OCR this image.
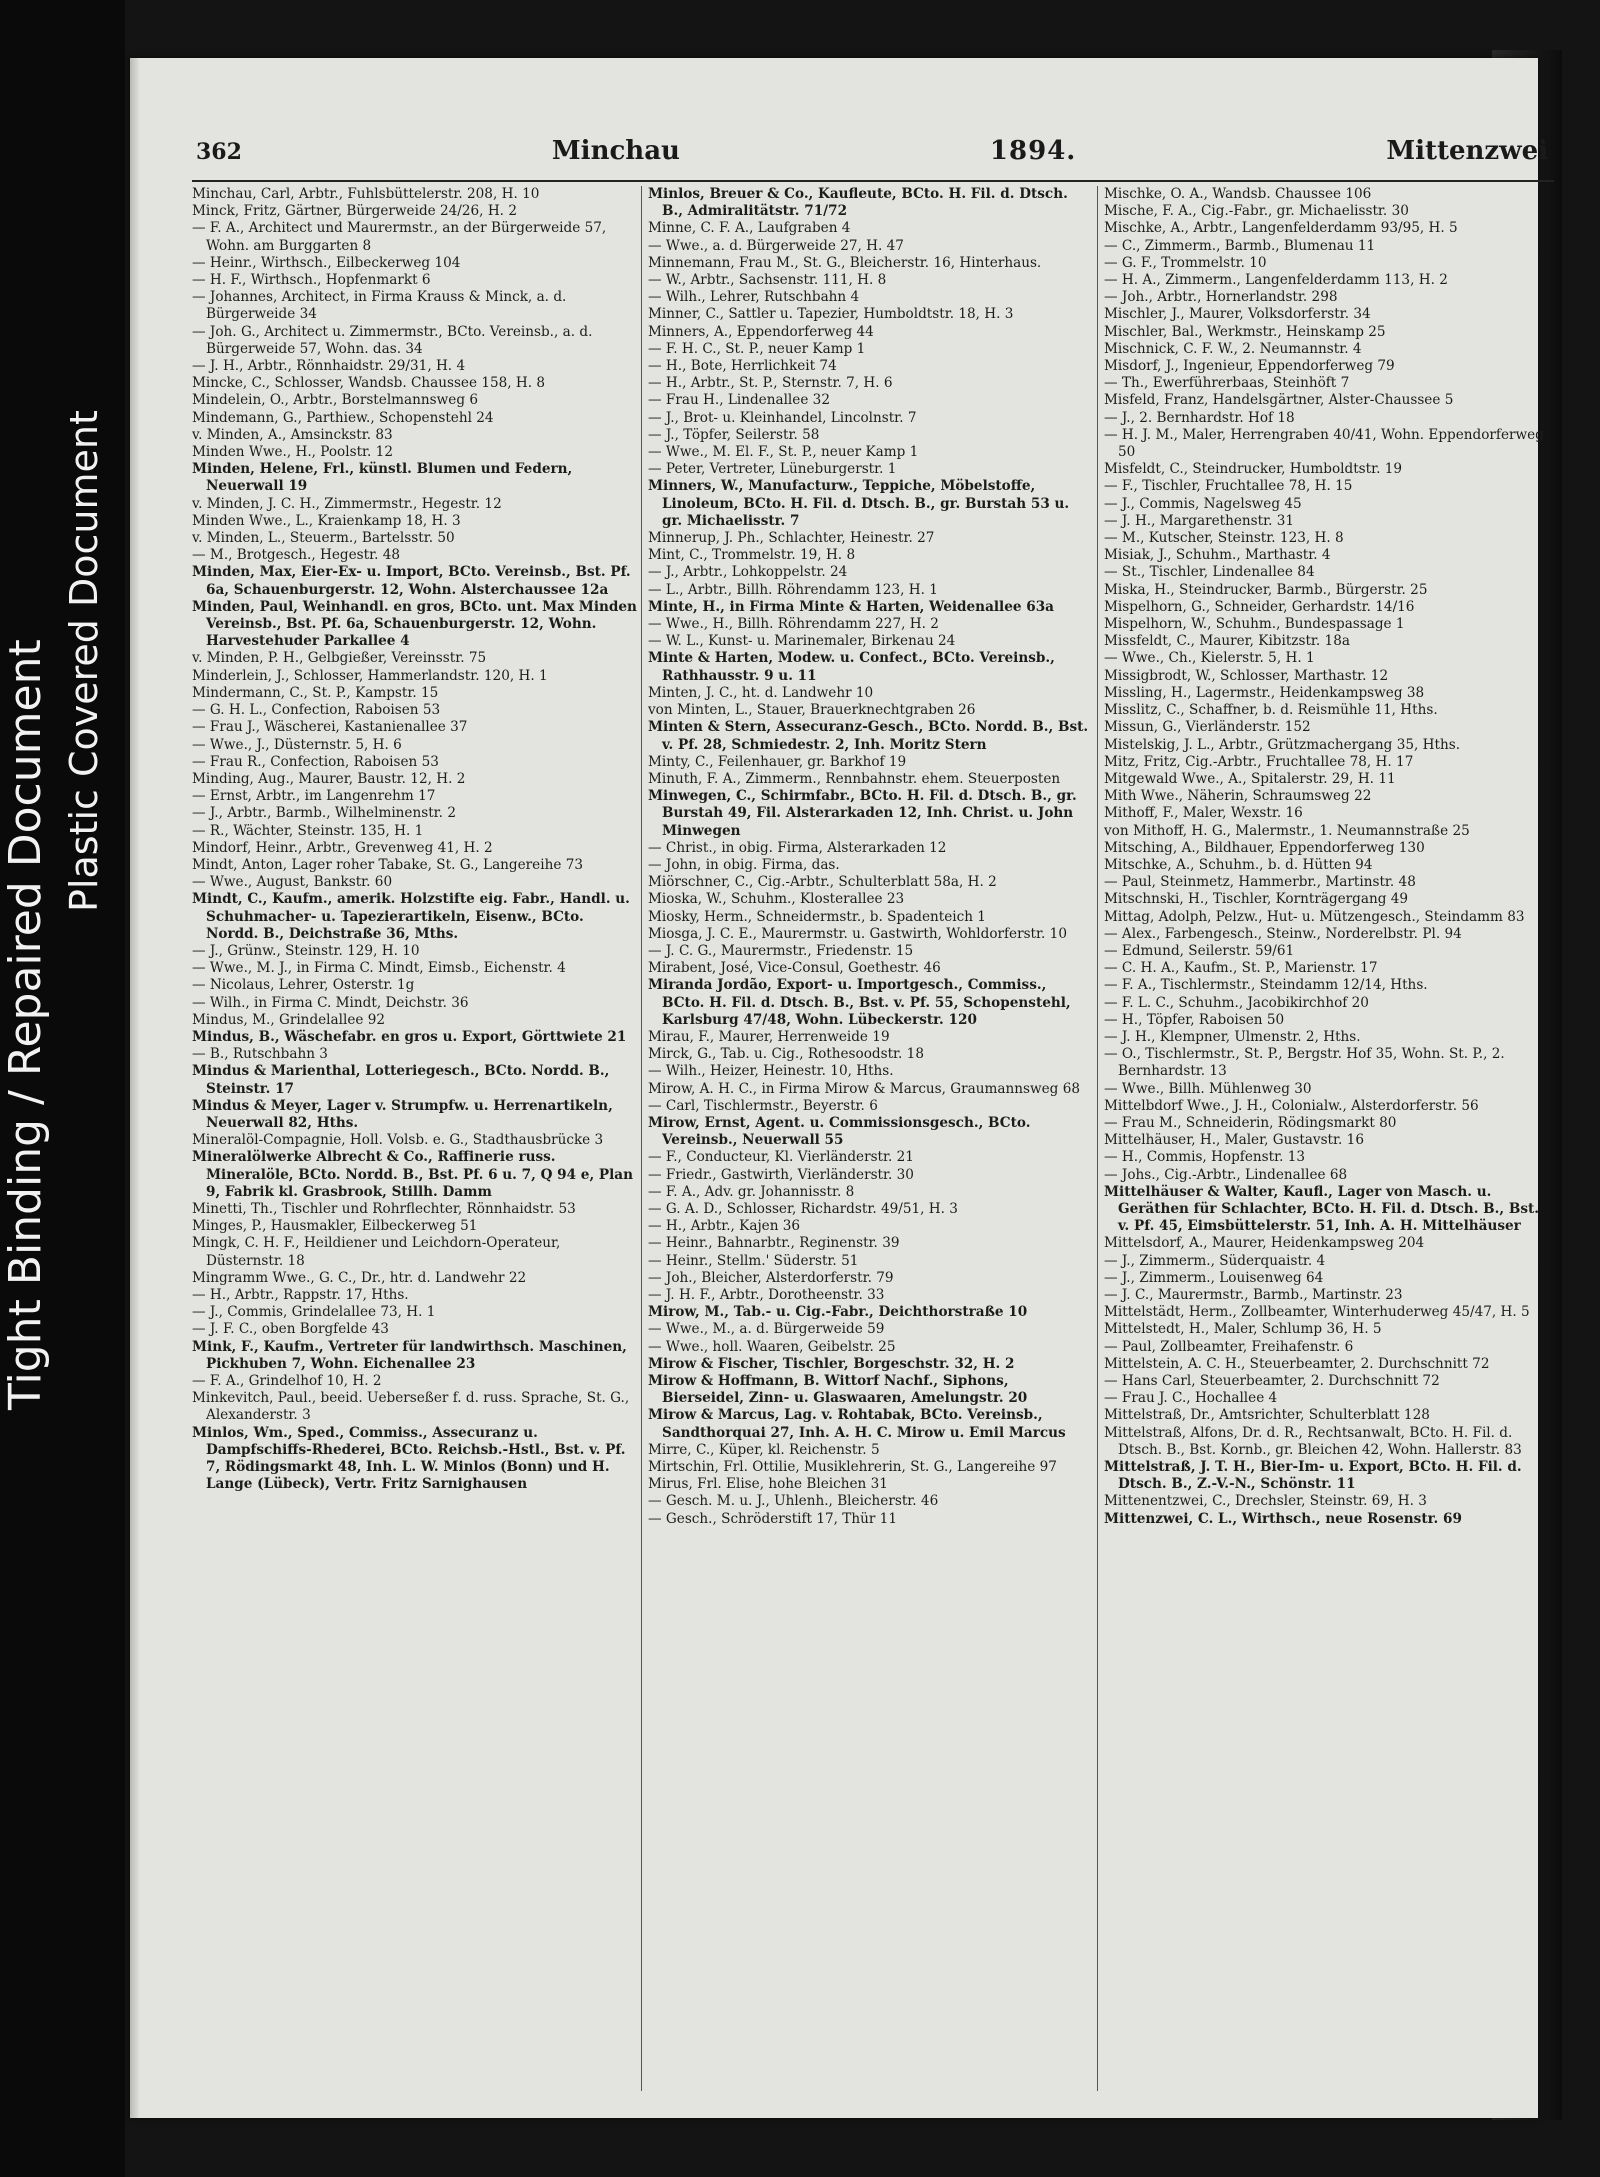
Tight Binding / Repaired Document Plastic Covered Document
362	Minchau	1894.	Mittenzwei
Minchau, Carl, Arbtr., Fuhlsbüttelerstr. 208, H. 10
Minck, Fritz, Gärtner, Bürgerweide 24/26, H. 2
— F. A., Architect und Maurermstr., an der Bürgerweide 57, Wohn. am Burggarten 8
— Heinr., Wirthsch., Eilbeckerweg 104
— H. F., Wirthsch., Hopfenmarkt 6
— Johannes, Architect, in Firma Krauss & Minck, a. d. Bürgerweide 34
— Joh. G., Architect u. Zimmermstr., BCto. Vereinsb., a. d. Bürgerweide 57, Wohn. das. 34
— J. H., Arbtr., Rönnhaidstr. 29/31, H. 4
Mincke, C., Schlosser, Wandsb. Chaussee 158, H. 8
Mindelein, O., Arbtr., Borstelmannsweg 6
Mindemann, G., Parthiew., Schopenstehl 24
v. Minden, A., Amsinckstr. 83
Minden Wwe., H., Poolstr. 12
Minden, Helene, Frl., künstl. Blumen und Federn, Neuerwall 19
v. Minden, J. C. H., Zimmermstr., Hegestr. 12
Minden Wwe., L., Kraienkamp 18, H. 3
v. Minden, L., Steuerm., Bartelsstr. 50
— M., Brotgesch., Hegestr. 48
Minden, Max, Eier-Ex- u. Import, BCto. Vereinsb., Bst. Pf. 6a, Schauenburgerstr. 12, Wohn. Alsterchaussee 12a
Minden, Paul, Weinhandl. en gros, BCto. unt. Max Minden Vereinsb., Bst. Pf. 6a, Schauenburgerstr. 12, Wohn. Harvestehuder Parkallee 4
v. Minden, P. H., Gelbgießer, Vereinsstr. 75
Minderlein, J., Schlosser, Hammerlandstr. 120, H. 1
Mindermann, C., St. P., Kampstr. 15
— G. H. L., Confection, Raboisen 53
— Frau J., Wäscherei, Kastanienallee 37
— Wwe., J., Düsternstr. 5, H. 6
— Frau R., Confection, Raboisen 53
Minding, Aug., Maurer, Baustr. 12, H. 2
— Ernst, Arbtr., im Langenrehm 17
— J., Arbtr., Barmb., Wilhelminenstr. 2
— R., Wächter, Steinstr. 135, H. 1
Mindorf, Heinr., Arbtr., Grevenweg 41, H. 2
Mindt, Anton, Lager roher Tabake, St. G., Langereihe 73
— Wwe., August, Bankstr. 60
Mindt, C., Kaufm., amerik. Holzstifte eig. Fabr., Handl. u. Schuhmacher- u. Tapezierartikeln, Eisenw., BCto. Nordd. B., Deichstraße 36, Mths.
— J., Grünw., Steinstr. 129, H. 10
— Wwe., M. J., in Firma C. Mindt, Eimsb., Eichenstr. 4
— Nicolaus, Lehrer, Osterstr. 1g
— Wilh., in Firma C. Mindt, Deichstr. 36
Mindus, M., Grindelallee 92
Mindus, B., Wäschefabr. en gros u. Export, Görttwiete 21
— B., Rutschbahn 3
Mindus & Marienthal, Lotteriegesch., BCto. Nordd. B., Steinstr. 17
Mindus & Meyer, Lager v. Strumpfw. u. Herrenartikeln, Neuerwall 82, Hths.
Mineralöl-Compagnie, Holl. Volsb. e. G., Stadthausbrücke 3
Mineralölwerke Albrecht & Co., Raffinerie russ. Mineralöle, BCto. Nordd. B., Bst. Pf. 6 u. 7, Q 94 e, Plan 9, Fabrik kl. Grasbrook, Stillh. Damm
Minetti, Th., Tischler und Rohrflechter, Rönnhaidstr. 53
Minges, P., Hausmakler, Eilbeckerweg 51
Mingk, C. H. F., Heildiener und Leichdorn-Operateur, Düsternstr. 18
Mingramm Wwe., G. C., Dr., htr. d. Landwehr 22
— H., Arbtr., Rappstr. 17, Hths.
— J., Commis, Grindelallee 73, H. 1
— J. F. C., oben Borgfelde 43
Mink, F., Kaufm., Vertreter für landwirthsch. Maschinen, Pickhuben 7, Wohn. Eichenallee 23
— F. A., Grindelhof 10, H. 2
Minkevitch, Paul., beeid. Ueberseßer f. d. russ. Sprache, St. G., Alexanderstr. 3
Minlos, Wm., Sped., Commiss., Assecuranz u. Dampfschiffs-Rhederei, BCto. Reichsb.-Hstl., Bst. v. Pf. 7, Rödingsmarkt 48, Inh. L. W. Minlos (Bonn) und H. Lange (Lübeck), Vertr. Fritz Sarnighausen
Minlos, Breuer & Co., Kaufleute, BCto. H. Fil. d. Dtsch. B., Admiralitätstr. 71/72
Minne, C. F. A., Laufgraben 4
— Wwe., a. d. Bürgerweide 27, H. 47
Minnemann, Frau M., St. G., Bleicherstr. 16, Hinterhaus.
— W., Arbtr., Sachsenstr. 111, H. 8
— Wilh., Lehrer, Rutschbahn 4
Minner, C., Sattler u. Tapezier, Humboldtstr. 18, H. 3
Minners, A., Eppendorferweg 44
— F. H. C., St. P., neuer Kamp 1
— H., Bote, Herrlichkeit 74
— H., Arbtr., St. P., Sternstr. 7, H. 6
— Frau H., Lindenallee 32
— J., Brot- u. Kleinhandel, Lincolnstr. 7
— J., Töpfer, Seilerstr. 58
— Wwe., M. El. F., St. P., neuer Kamp 1
— Peter, Vertreter, Lüneburgerstr. 1
Minners, W., Manufacturw., Teppiche, Möbelstoffe, Linoleum, BCto. H. Fil. d. Dtsch. B., gr. Burstah 53 u. gr. Michaelisstr. 7
Minnerup, J. Ph., Schlachter, Heinestr. 27
Mint, C., Trommelstr. 19, H. 8
— J., Arbtr., Lohkoppelstr. 24
— L., Arbtr., Billh. Röhrendamm 123, H. 1
Minte, H., in Firma Minte & Harten, Weidenallee 63a
— Wwe., H., Billh. Röhrendamm 227, H. 2
— W. L., Kunst- u. Marinemaler, Birkenau 24
Minte & Harten, Modew. u. Confect., BCto. Vereinsb., Rathhausstr. 9 u. 11
Minten, J. C., ht. d. Landwehr 10
von Minten, L., Stauer, Brauerknechtgraben 26
Minten & Stern, Assecuranz-Gesch., BCto. Nordd. B., Bst. v. Pf. 28, Schmiedestr. 2, Inh. Moritz Stern
Minty, C., Feilenhauer, gr. Barkhof 19
Minuth, F. A., Zimmerm., Rennbahnstr. ehem. Steuerposten
Minwegen, C., Schirmfabr., BCto. H. Fil. d. Dtsch. B., gr. Burstah 49, Fil. Alsterarkaden 12, Inh. Christ. u. John Minwegen
— Christ., in obig. Firma, Alsterarkaden 12
— John, in obig. Firma, das.
Miörschner, C., Cig.-Arbtr., Schulterblatt 58a, H. 2
Mioska, W., Schuhm., Klosterallee 23
Miosky, Herm., Schneidermstr., b. Spadenteich 1
Miosga, J. C. E., Maurermstr. u. Gastwirth, Wohldorferstr. 10
— J. C. G., Maurermstr., Friedenstr. 15
Mirabent, José, Vice-Consul, Goethestr. 46
Miranda Jordão, Export- u. Importgesch., Commiss., BCto. H. Fil. d. Dtsch. B., Bst. v. Pf. 55, Schopenstehl, Karlsburg 47/48, Wohn. Lübeckerstr. 120
Mirau, F., Maurer, Herrenweide 19
Mirck, G., Tab. u. Cig., Rothesoodstr. 18
— Wilh., Heizer, Heinestr. 10, Hths.
Mirow, A. H. C., in Firma Mirow & Marcus, Graumannsweg 68
— Carl, Tischlermstr., Beyerstr. 6
Mirow, Ernst, Agent. u. Commissionsgesch., BCto. Vereinsb., Neuerwall 55
— F., Conducteur, Kl. Vierländerstr. 21
— Friedr., Gastwirth, Vierländerstr. 30
— F. A., Adv. gr. Johannisstr. 8
— G. A. D., Schlosser, Richardstr. 49/51, H. 3
— H., Arbtr., Kajen 36
— Heinr., Bahnarbtr., Reginenstr. 39
— Heinr., Stellm.' Süderstr. 51
— Joh., Bleicher, Alsterdorferstr. 79
— J. H. F., Arbtr., Dorotheenstr. 33
Mirow, M., Tab.- u. Cig.-Fabr., Deichthorstraße 10
— Wwe., M., a. d. Bürgerweide 59
— Wwe., holl. Waaren, Geibelstr. 25
Mirow & Fischer, Tischler, Borgeschstr. 32, H. 2
Mirow & Hoffmann, B. Wittorf Nachf., Siphons, Bierseidel, Zinn- u. Glaswaaren, Amelungstr. 20
Mirow & Marcus, Lag. v. Rohtabak, BCto. Vereinsb., Sandthorquai 27, Inh. A. H. C. Mirow u. Emil Marcus
Mirre, C., Küper, kl. Reichenstr. 5
Mirtschin, Frl. Ottilie, Musiklehrerin, St. G., Langereihe 97
Mirus, Frl. Elise, hohe Bleichen 31
— Gesch. M. u. J., Uhlenh., Bleicherstr. 46
— Gesch., Schröderstift 17, Thür 11
Mischke, O. A., Wandsb. Chaussee 106
Mische, F. A., Cig.-Fabr., gr. Michaelisstr. 30
Mischke, A., Arbtr., Langenfelderdamm 93/95, H. 5
— C., Zimmerm., Barmb., Blumenau 11
— G. F., Trommelstr. 10
— H. A., Zimmerm., Langenfelderdamm 113, H. 2
— Joh., Arbtr., Hornerlandstr. 298
Mischler, J., Maurer, Volksdorferstr. 34
Mischler, Bal., Werkmstr., Heinskamp 25
Mischnick, C. F. W., 2. Neumannstr. 4
Misdorf, J., Ingenieur, Eppendorferweg 79
— Th., Ewerführerbaas, Steinhöft 7
Misfeld, Franz, Handelsgärtner, Alster-Chaussee 5
— J., 2. Bernhardstr. Hof 18
— H. J. M., Maler, Herrengraben 40/41, Wohn. Eppendorferweg 50
Misfeldt, C., Steindrucker, Humboldtstr. 19
— F., Tischler, Fruchtallee 78, H. 15
— J., Commis, Nagelsweg 45
— J. H., Margarethenstr. 31
— M., Kutscher, Steinstr. 123, H. 8
Misiak, J., Schuhm., Marthastr. 4
— St., Tischler, Lindenallee 84
Miska, H., Steindrucker, Barmb., Bürgerstr. 25
Mispelhorn, G., Schneider, Gerhardstr. 14/16
Mispelhorn, W., Schuhm., Bundespassage 1
Missfeldt, C., Maurer, Kibitzstr. 18a
— Wwe., Ch., Kielerstr. 5, H. 1
Missigbrodt, W., Schlosser, Marthastr. 12
Missling, H., Lagermstr., Heidenkampsweg 38
Misslitz, C., Schaffner, b. d. Reismühle 11, Hths.
Missun, G., Vierländerstr. 152
Mistelskig, J. L., Arbtr., Grützmachergang 35, Hths.
Mitz, Fritz, Cig.-Arbtr., Fruchtallee 78, H. 17
Mitgewald Wwe., A., Spitalerstr. 29, H. 11
Mith Wwe., Näherin, Schraumsweg 22
Mithoff, F., Maler, Wexstr. 16
von Mithoff, H. G., Malermstr., 1. Neumannstraße 25
Mitsching, A., Bildhauer, Eppendorferweg 130
Mitschke, A., Schuhm., b. d. Hütten 94
— Paul, Steinmetz, Hammerbr., Martinstr. 48
Mitschnski, H., Tischler, Kornträgergang 49
Mittag, Adolph, Pelzw., Hut- u. Mützengesch., Steindamm 83
— Alex., Farbengesch., Steinw., Norderelbstr. Pl. 94
— Edmund, Seilerstr. 59/61
— C. H. A., Kaufm., St. P., Marienstr. 17
— F. A., Tischlermstr., Steindamm 12/14, Hths.
— F. L. C., Schuhm., Jacobikirchhof 20
— H., Töpfer, Raboisen 50
— J. H., Klempner, Ulmenstr. 2, Hths.
— O., Tischlermstr., St. P., Bergstr. Hof 35, Wohn. St. P., 2. Bernhardstr. 13
— Wwe., Billh. Mühlenweg 30
Mittelbdorf Wwe., J. H., Colonialw., Alsterdorferstr. 56
— Frau M., Schneiderin, Rödingsmarkt 80
Mittelhäuser, H., Maler, Gustavstr. 16
— H., Commis, Hopfenstr. 13
— Johs., Cig.-Arbtr., Lindenallee 68
Mittelhäuser & Walter, Kaufl., Lager von Masch. u. Geräthen für Schlachter, BCto. H. Fil. d. Dtsch. B., Bst. v. Pf. 45, Eimsbüttelerstr. 51, Inh. A. H. Mittelhäuser
Mittelsdorf, A., Maurer, Heidenkampsweg 204
— J., Zimmerm., Süderquaistr. 4
— J., Zimmerm., Louisenweg 64
— J. C., Maurermstr., Barmb., Martinstr. 23
Mittelstädt, Herm., Zollbeamter, Winterhuderweg 45/47, H. 5
Mittelstedt, H., Maler, Schlump 36, H. 5
— Paul, Zollbeamter, Freihafenstr. 6
Mittelstein, A. C. H., Steuerbeamter, 2. Durchschnitt 72
— Hans Carl, Steuerbeamter, 2. Durchschnitt 72
— Frau J. C., Hochallee 4
Mittelstraß, Dr., Amtsrichter, Schulterblatt 128
Mittelstraß, Alfons, Dr. d. R., Rechtsanwalt, BCto. H. Fil. d. Dtsch. B., Bst. Kornb., gr. Bleichen 42, Wohn. Hallerstr. 83
Mittelstraß, J. T. H., Bier-Im- u. Export, BCto. H. Fil. d. Dtsch. B., Z.-V.-N., Schönstr. 11
Mittenentzwei, C., Drechsler, Steinstr. 69, H. 3
Mittenzwei, C. L., Wirthsch., neue Rosenstr. 69
